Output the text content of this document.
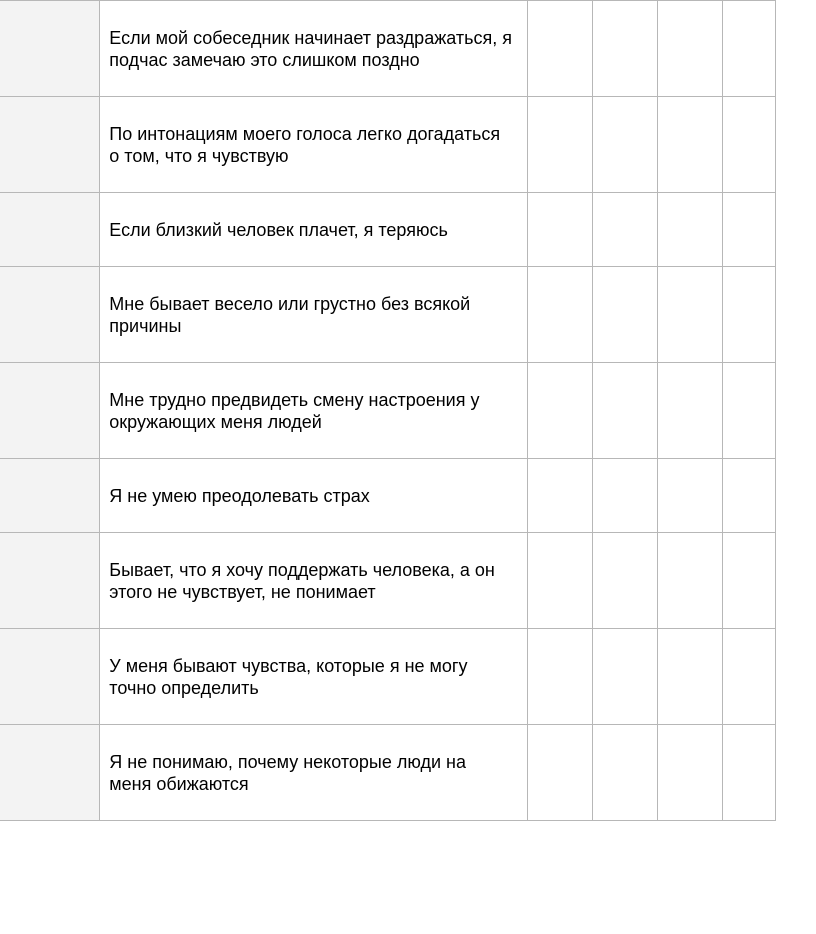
	Если мой собеседник начинает раздражаться, я подчас замечаю это слишком поздно				
	По интонациям моего голоса легко догадаться о том, что я чувствую				
	Если близкий человек плачет, я теряюсь				
	Мне бывает весело или грустно без всякой причины				
	Мне трудно предвидеть смену настроения у окружающих меня людей				
	Я не умею преодолевать страх				
	Бывает, что я хочу поддержать человека, а он этого не чувствует, не понимает				
	У меня бывают чувства, которые я не могу точно определить				
	Я не понимаю, почему некоторые люди на меня обижаются				
